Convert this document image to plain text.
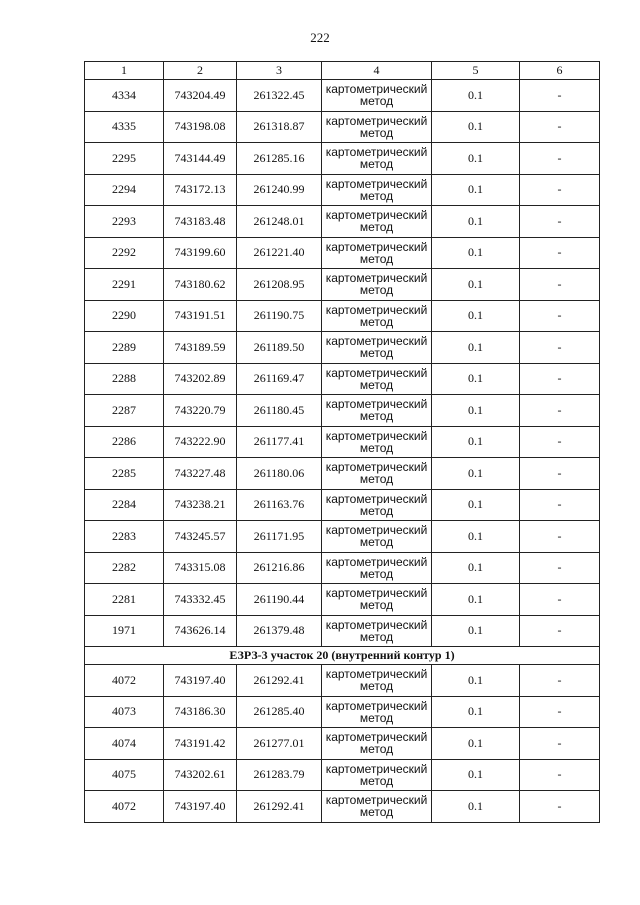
222
1	2	3	4	5	6
4334	743204.49	261322.45	картометрический метод	0.1	-
4335	743198.08	261318.87	картометрический метод	0.1	-
2295	743144.49	261285.16	картометрический метод	0.1	-
2294	743172.13	261240.99	картометрический метод	0.1	-
2293	743183.48	261248.01	картометрический метод	0.1	-
2292	743199.60	261221.40	картометрический метод	0.1	-
2291	743180.62	261208.95	картометрический метод	0.1	-
2290	743191.51	261190.75	картометрический метод	0.1	-
2289	743189.59	261189.50	картометрический метод	0.1	-
2288	743202.89	261169.47	картометрический метод	0.1	-
2287	743220.79	261180.45	картометрический метод	0.1	-
2286	743222.90	261177.41	картометрический метод	0.1	-
2285	743227.48	261180.06	картометрический метод	0.1	-
2284	743238.21	261163.76	картометрический метод	0.1	-
2283	743245.57	261171.95	картометрический метод	0.1	-
2282	743315.08	261216.86	картометрический метод	0.1	-
2281	743332.45	261190.44	картометрический метод	0.1	-
1971	743626.14	261379.48	картометрический метод	0.1	-
ЕЗРЗ-3 участок 20 (внутренний контур 1)					
4072	743197.40	261292.41	картометрический метод	0.1	-
4073	743186.30	261285.40	картометрический метод	0.1	-
4074	743191.42	261277.01	картометрический метод	0.1	-
4075	743202.61	261283.79	картометрический метод	0.1	-
4072	743197.40	261292.41	картометрический метод	0.1	-
